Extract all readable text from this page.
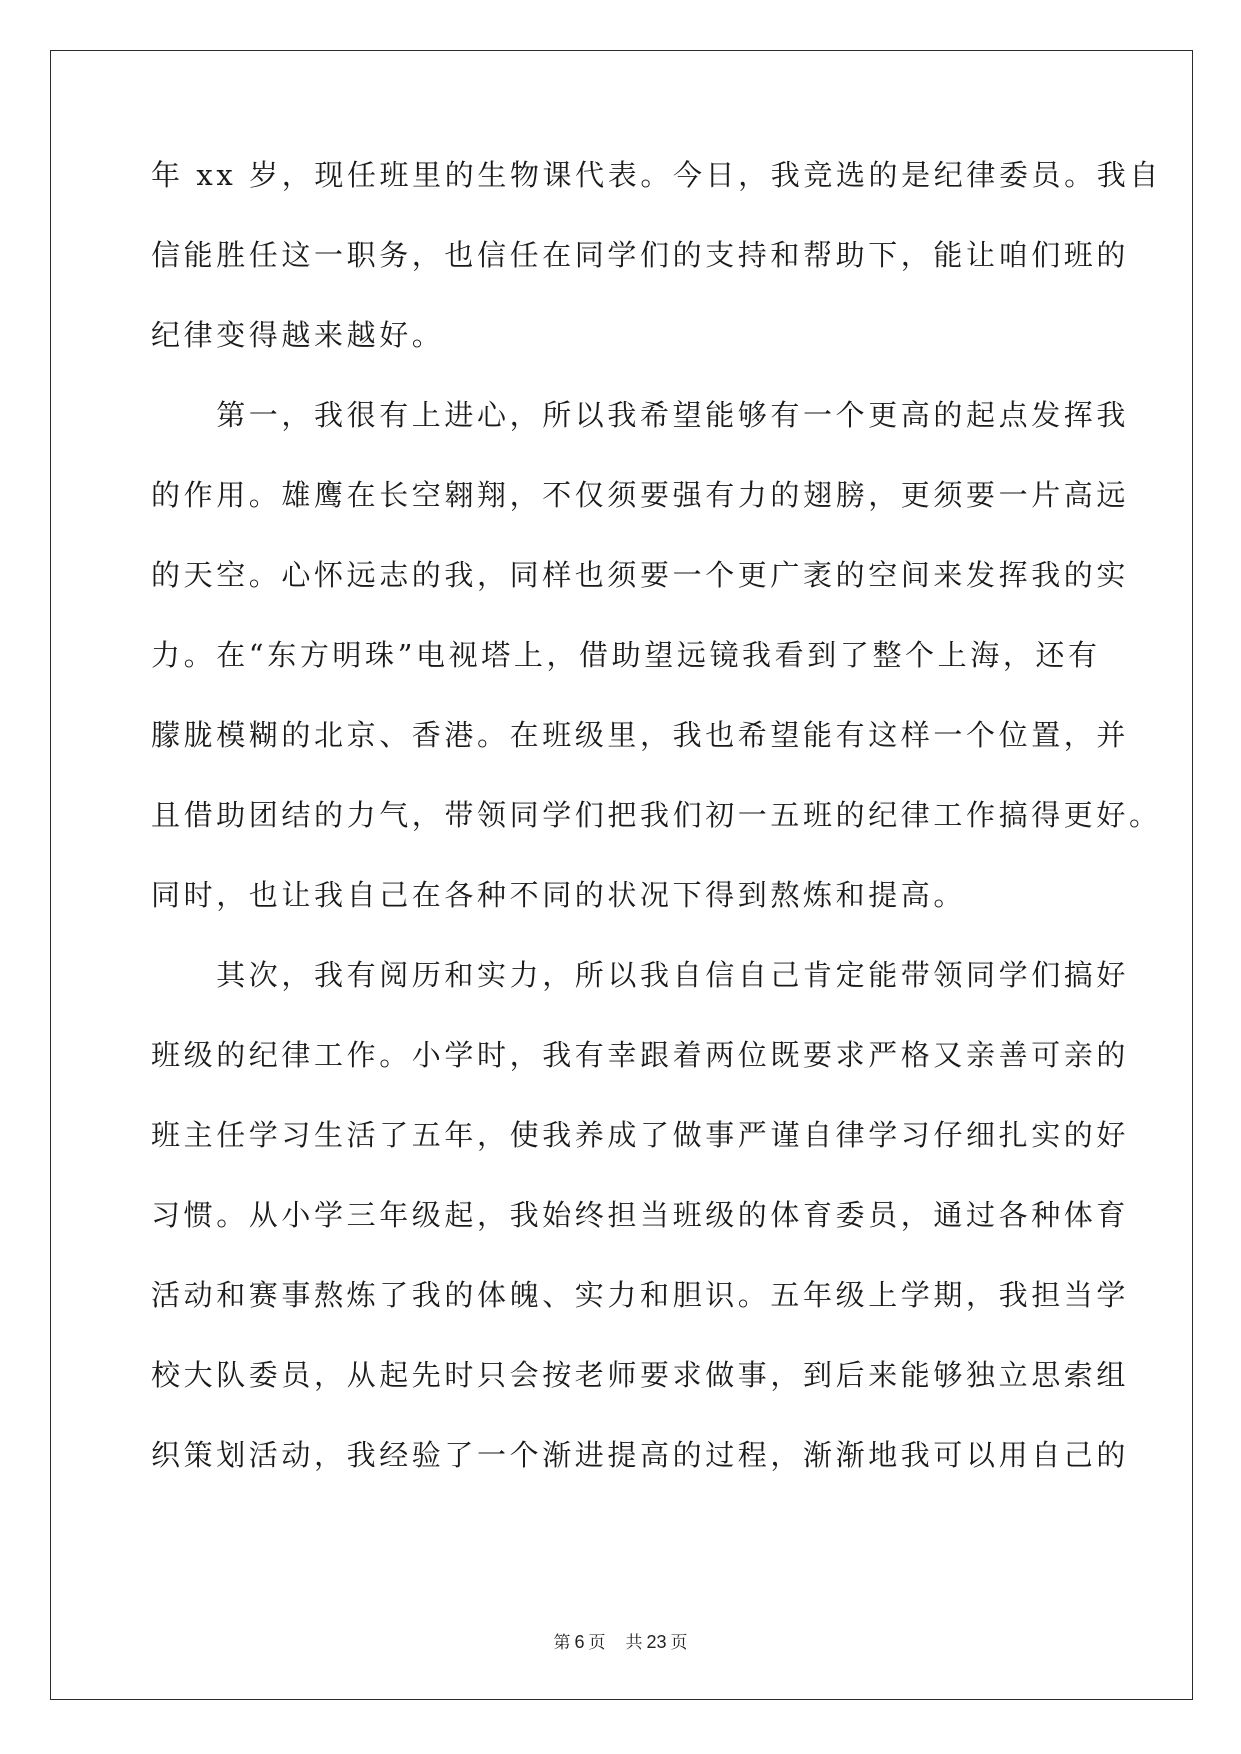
年 xx 岁，现任班里的生物课代表。今日，我竞选的是纪律委员。我自
信能胜任这一职务，也信任在同学们的支持和帮助下，能让咱们班的
纪律变得越来越好。
　　第一，我很有上进心，所以我希望能够有一个更高的起点发挥我
的作用。雄鹰在长空翱翔，不仅须要强有力的翅膀，更须要一片高远
的天空。心怀远志的我，同样也须要一个更广袤的空间来发挥我的实
力。在“东方明珠”电视塔上，借助望远镜我看到了整个上海，还有
朦胧模糊的北京、香港。在班级里，我也希望能有这样一个位置，并
且借助团结的力气，带领同学们把我们初一五班的纪律工作搞得更好。
同时，也让我自己在各种不同的状况下得到熬炼和提高。
　　其次，我有阅历和实力，所以我自信自己肯定能带领同学们搞好
班级的纪律工作。小学时，我有幸跟着两位既要求严格又亲善可亲的
班主任学习生活了五年，使我养成了做事严谨自律学习仔细扎实的好
习惯。从小学三年级起，我始终担当班级的体育委员，通过各种体育
活动和赛事熬炼了我的体魄、实力和胆识。五年级上学期，我担当学
校大队委员，从起先时只会按老师要求做事，到后来能够独立思索组
织策划活动，我经验了一个渐进提高的过程，渐渐地我可以用自己的
第 6 页 共 23 页
